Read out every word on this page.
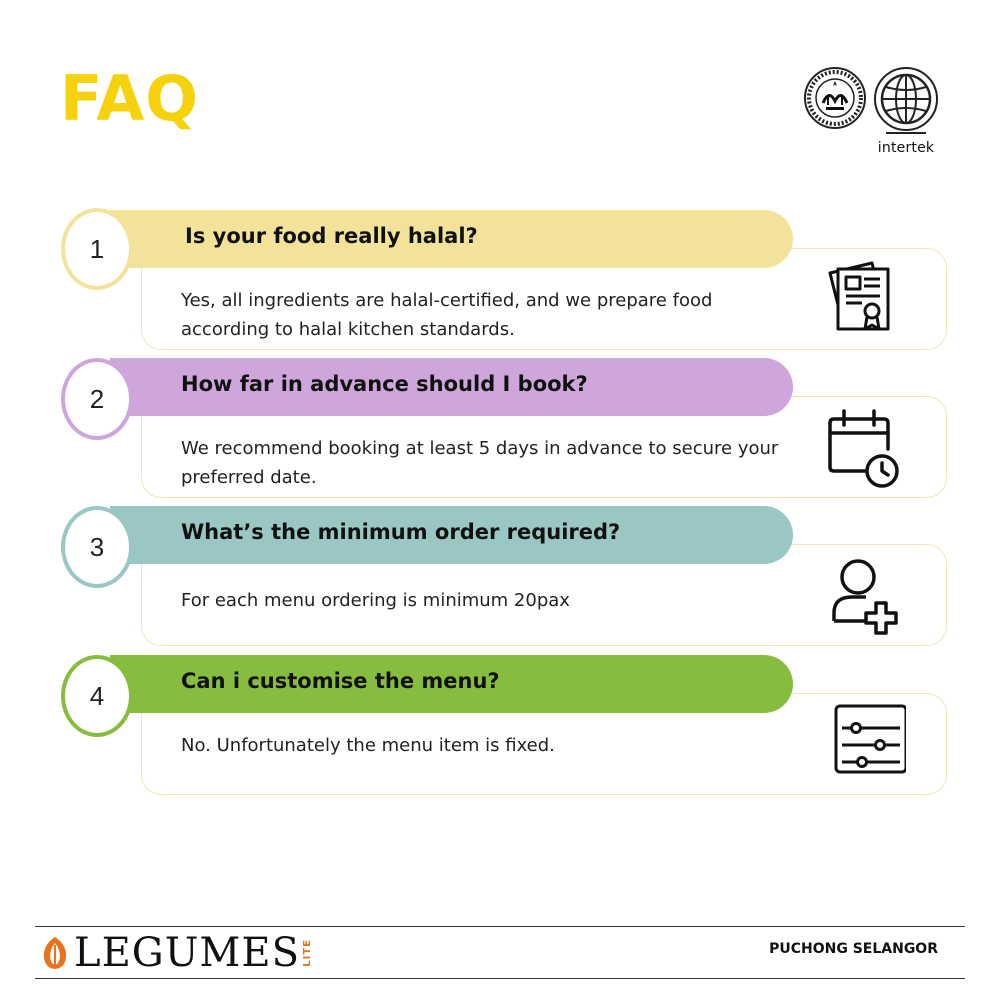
FAQ
intertek
1	Is your food really halal?
Yes, all ingredients are halal-certified, and we prepare food according to halal kitchen standards.
2	How far in advance should I book?
We recommend booking at least 5 days in advance to secure your preferred date.
3	What’s the minimum order required?
For each menu ordering is minimum 20pax
4	Can i customise the menu?
No. Unfortunately the menu item is fixed.
LEGUMES LITE	PUCHONG SELANGOR
